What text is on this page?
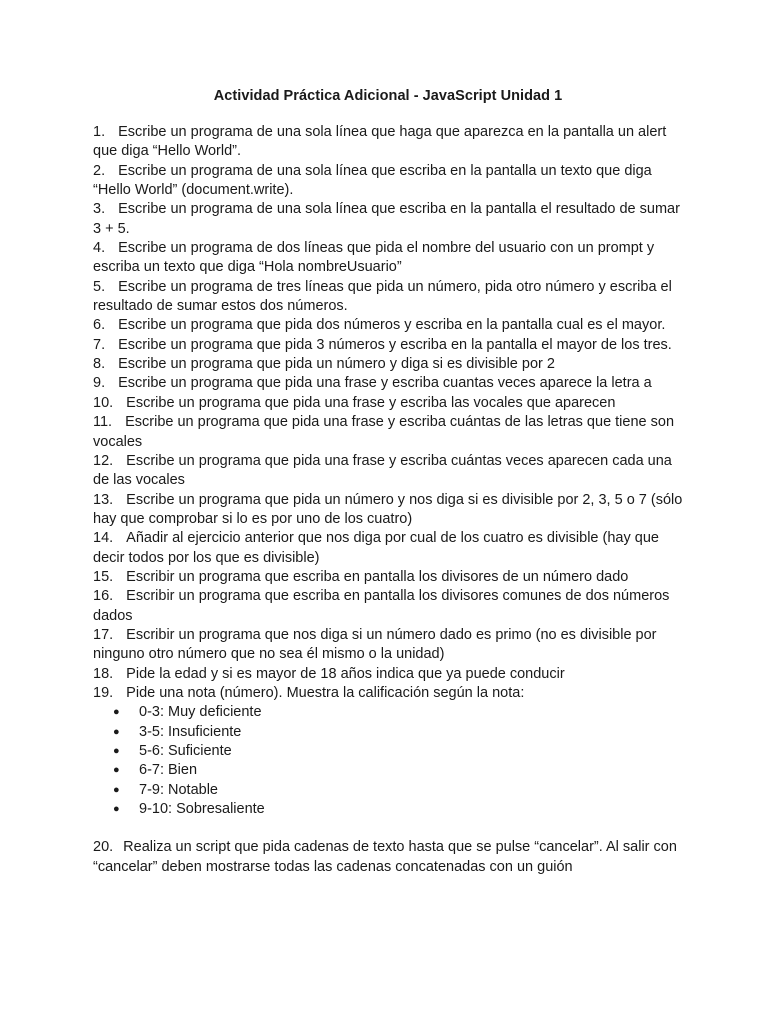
Actividad Práctica Adicional - JavaScript Unidad 1
1. Escribe un programa de una sola línea que haga que aparezca en la pantalla un alert que diga “Hello World”.
2. Escribe un programa de una sola línea que escriba en la pantalla un texto que diga “Hello World” (document.write).
3. Escribe un programa de una sola línea que escriba en la pantalla el resultado de sumar 3 + 5.
4. Escribe un programa de dos líneas que pida el nombre del usuario con un prompt y escriba un texto que diga “Hola nombreUsuario”
5. Escribe un programa de tres líneas que pida un número, pida otro número y escriba el resultado de sumar estos dos números.
6. Escribe un programa que pida dos números y escriba en la pantalla cual es el mayor.
7. Escribe un programa que pida 3 números y escriba en la pantalla el mayor de los tres.
8. Escribe un programa que pida un número y diga si es divisible por 2
9. Escribe un programa que pida una frase y escriba cuantas veces aparece la letra a
10. Escribe un programa que pida una frase y escriba las vocales que aparecen
11. Escribe un programa que pida una frase y escriba cuántas de las letras que tiene son vocales
12. Escribe un programa que pida una frase y escriba cuántas veces aparecen cada una de las vocales
13. Escribe un programa que pida un número y nos diga si es divisible por 2, 3, 5 o 7 (sólo hay que comprobar si lo es por uno de los cuatro)
14. Añadir al ejercicio anterior que nos diga por cual de los cuatro es divisible (hay que decir todos por los que es divisible)
15. Escribir un programa que escriba en pantalla los divisores de un número dado
16. Escribir un programa que escriba en pantalla los divisores comunes de dos números dados
17. Escribir un programa que nos diga si un número dado es primo (no es divisible por ninguno otro número que no sea él mismo o la unidad)
18. Pide la edad y si es mayor de 18 años indica que ya puede conducir
19. Pide una nota (número). Muestra la calificación según la nota:
● 0-3: Muy deficiente
● 3-5: Insuficiente
● 5-6: Suficiente
● 6-7: Bien
● 7-9: Notable
● 9-10: Sobresaliente
20. Realiza un script que pida cadenas de texto hasta que se pulse “cancelar”. Al salir con “cancelar” deben mostrarse todas las cadenas concatenadas con un guión
